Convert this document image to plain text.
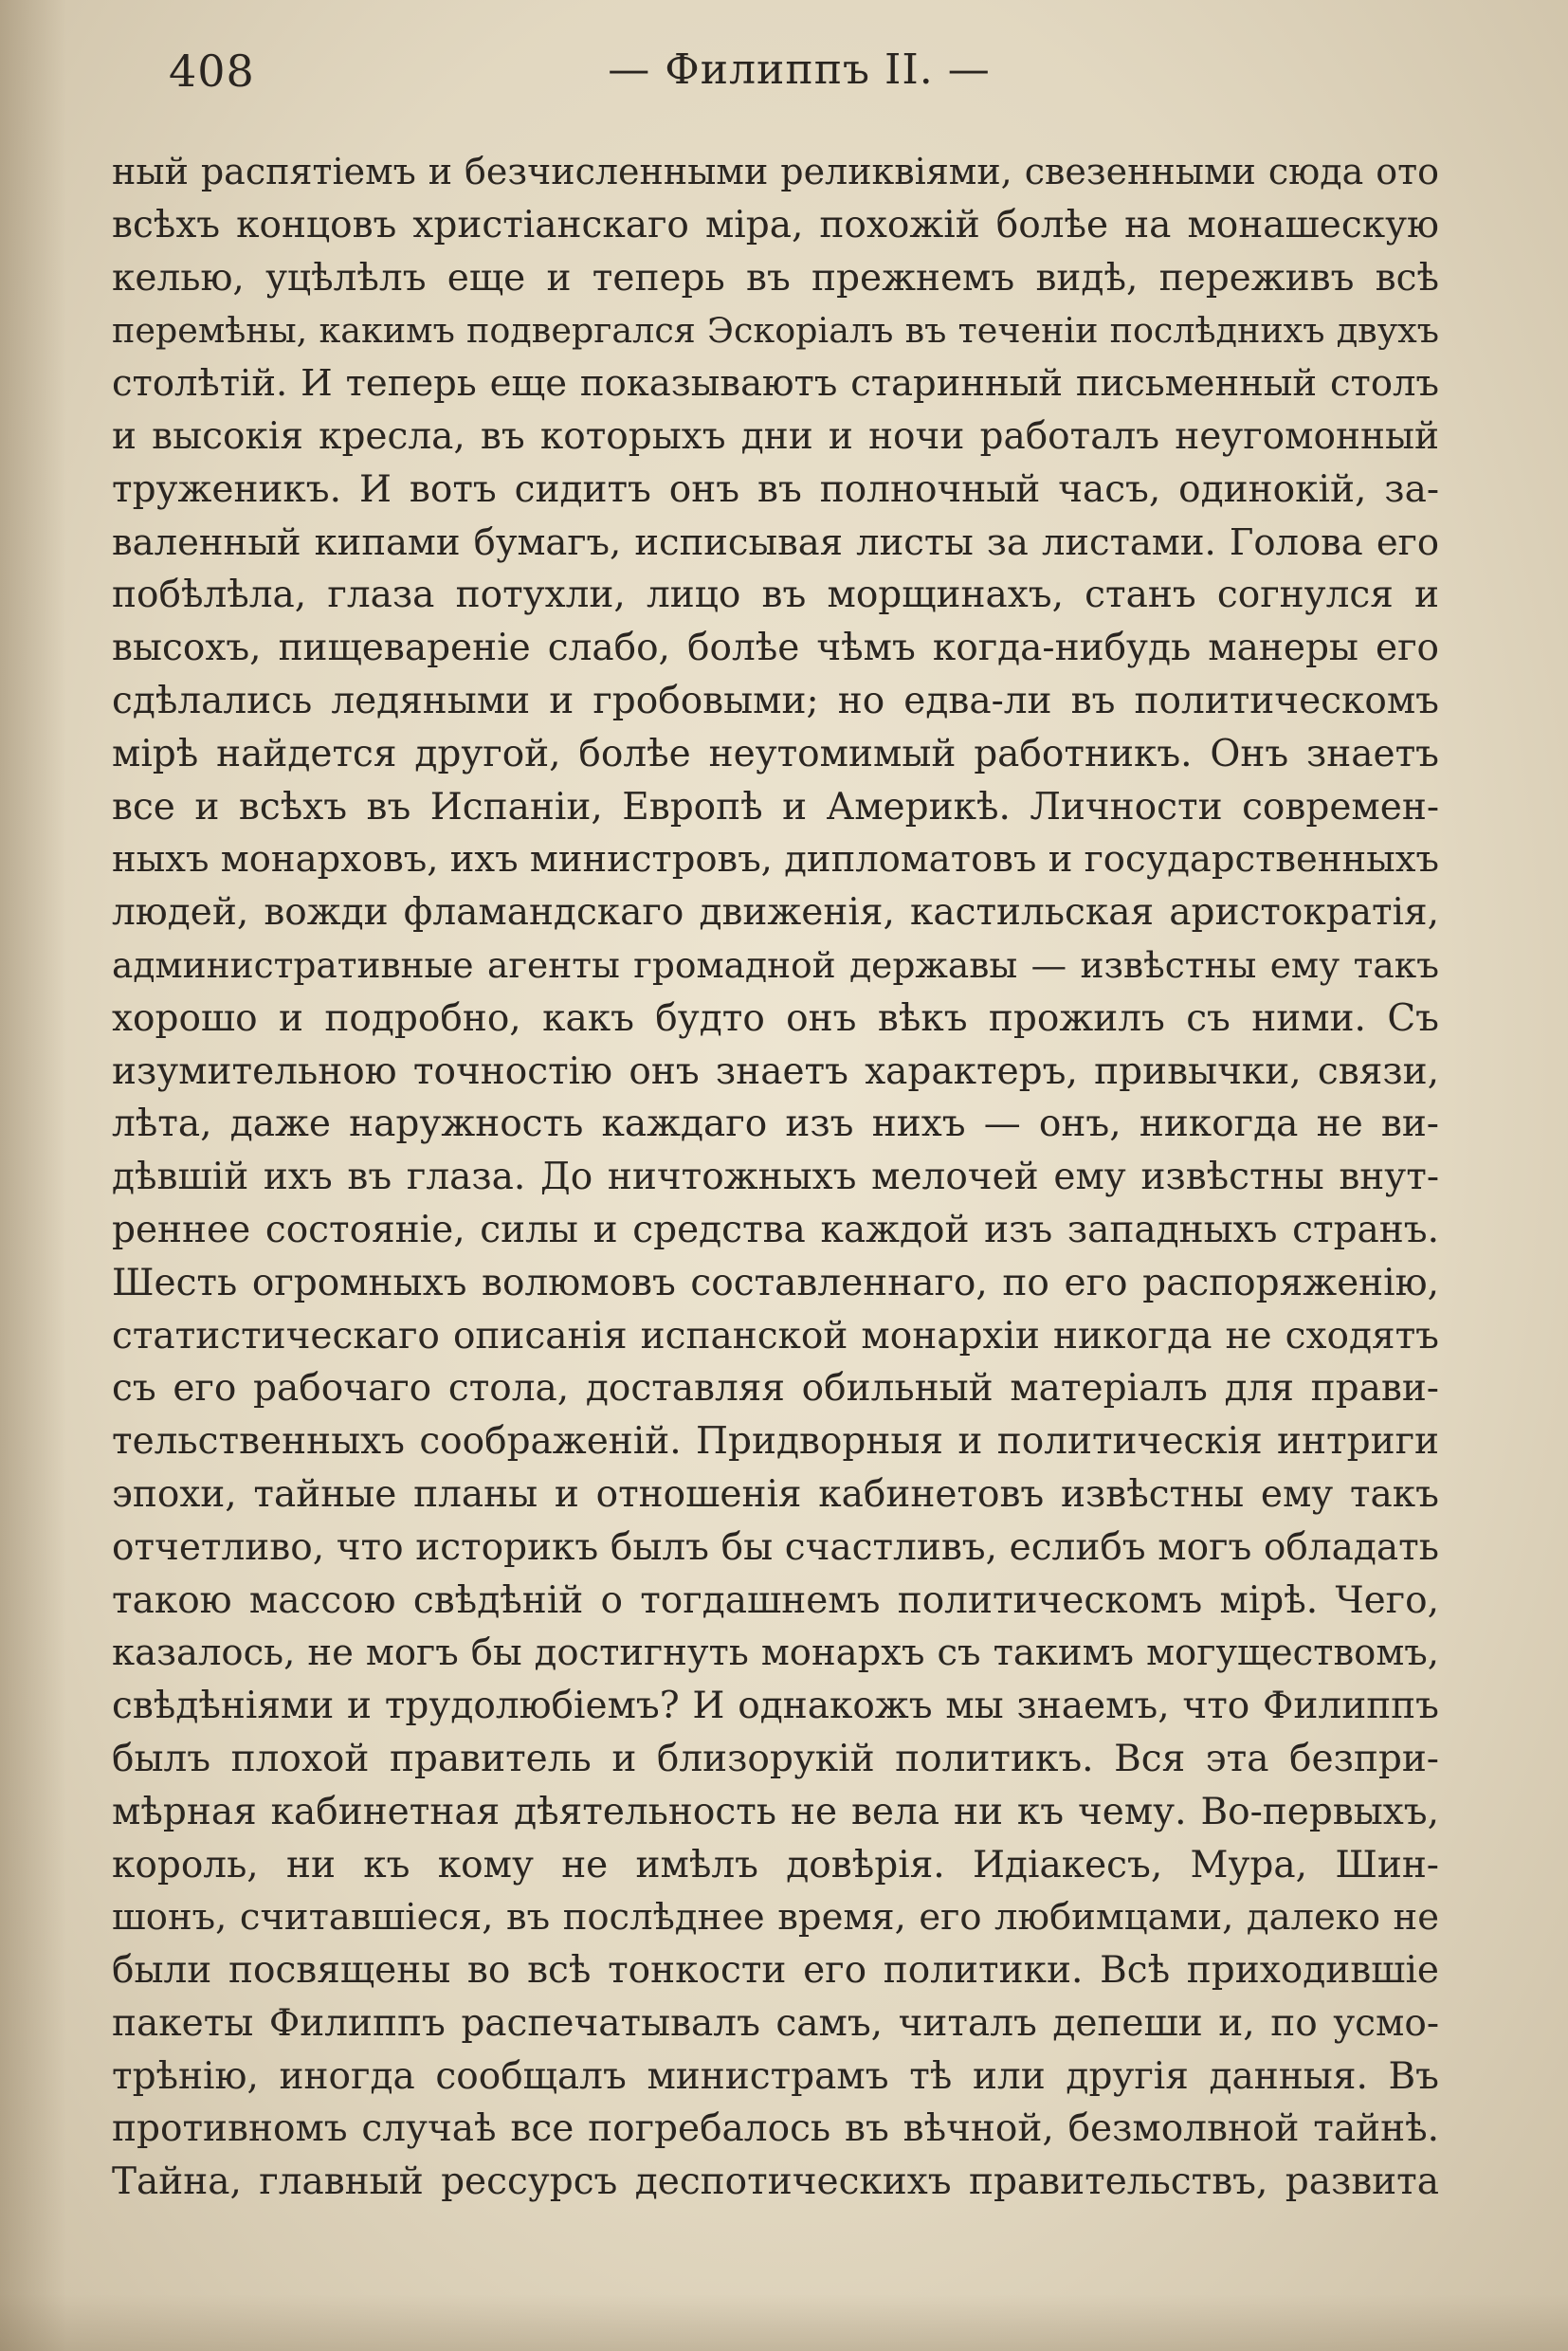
408	— Филиппъ II. —
ный распятіемъ и безчисленными реликвіями, свезенными сюда ото
всѣхъ концовъ христіанскаго міра, похожій болѣе на монашескую
келью, уцѣлѣлъ еще и теперь въ прежнемъ видѣ, переживъ всѣ
перемѣны, какимъ подвергался Эскоріалъ въ теченіи послѣднихъ двухъ
столѣтій. И теперь еще показываютъ старинный письменный столъ
и высокія кресла, въ которыхъ дни и ночи работалъ неугомонный
труженикъ. И вотъ сидитъ онъ въ полночный часъ, одинокій, за-
валенный кипами бумагъ, исписывая листы за листами. Голова его
побѣлѣла, глаза потухли, лицо въ морщинахъ, станъ согнулся и
высохъ, пищевареніе слабо, болѣе чѣмъ когда-нибудь манеры его
сдѣлались ледяными и гробовыми; но едва-ли въ политическомъ
мірѣ найдется другой, болѣе неутомимый работникъ. Онъ знаетъ
все и всѣхъ въ Испаніи, Европѣ и Америкѣ. Личности современ-
ныхъ монарховъ, ихъ министровъ, дипломатовъ и государственныхъ
людей, вожди фламандскаго движенія, кастильская аристократія,
административные агенты громадной державы — извѣстны ему такъ
хорошо и подробно, какъ будто онъ вѣкъ прожилъ съ ними. Съ
изумительною точностію онъ знаетъ характеръ, привычки, связи,
лѣта, даже наружность каждаго изъ нихъ — онъ, никогда не ви-
дѣвшій ихъ въ глаза. До ничтожныхъ мелочей ему извѣстны внут-
реннее состояніе, силы и средства каждой изъ западныхъ странъ.
Шесть огромныхъ волюмовъ составленнаго, по его распоряженію,
статистическаго описанія испанской монархіи никогда не сходятъ
съ его рабочаго стола, доставляя обильный матеріалъ для прави-
тельственныхъ соображеній. Придворныя и политическія интриги
эпохи, тайные планы и отношенія кабинетовъ извѣстны ему такъ
отчетливо, что историкъ былъ бы счастливъ, еслибъ могъ обладать
такою массою свѣдѣній о тогдашнемъ политическомъ мірѣ. Чего,
казалось, не могъ бы достигнуть монархъ съ такимъ могуществомъ,
свѣдѣніями и трудолюбіемъ? И однакожъ мы знаемъ, что Филиппъ
былъ плохой правитель и близорукій политикъ. Вся эта безпри-
мѣрная кабинетная дѣятельность не вела ни къ чему. Во-первыхъ,
король, ни къ кому не имѣлъ довѣрія. Идіакесъ, Мура, Шин-
шонъ, считавшіеся, въ послѣднее время, его любимцами, далеко не
были посвящены во всѣ тонкости его политики. Всѣ приходившіе
пакеты Филиппъ распечатывалъ самъ, читалъ депеши и, по усмо-
трѣнію, иногда сообщалъ министрамъ тѣ или другія данныя. Въ
противномъ случаѣ все погребалось въ вѣчной, безмолвной тайнѣ.
Тайна, главный рессурсъ деспотическихъ правительствъ, развита
